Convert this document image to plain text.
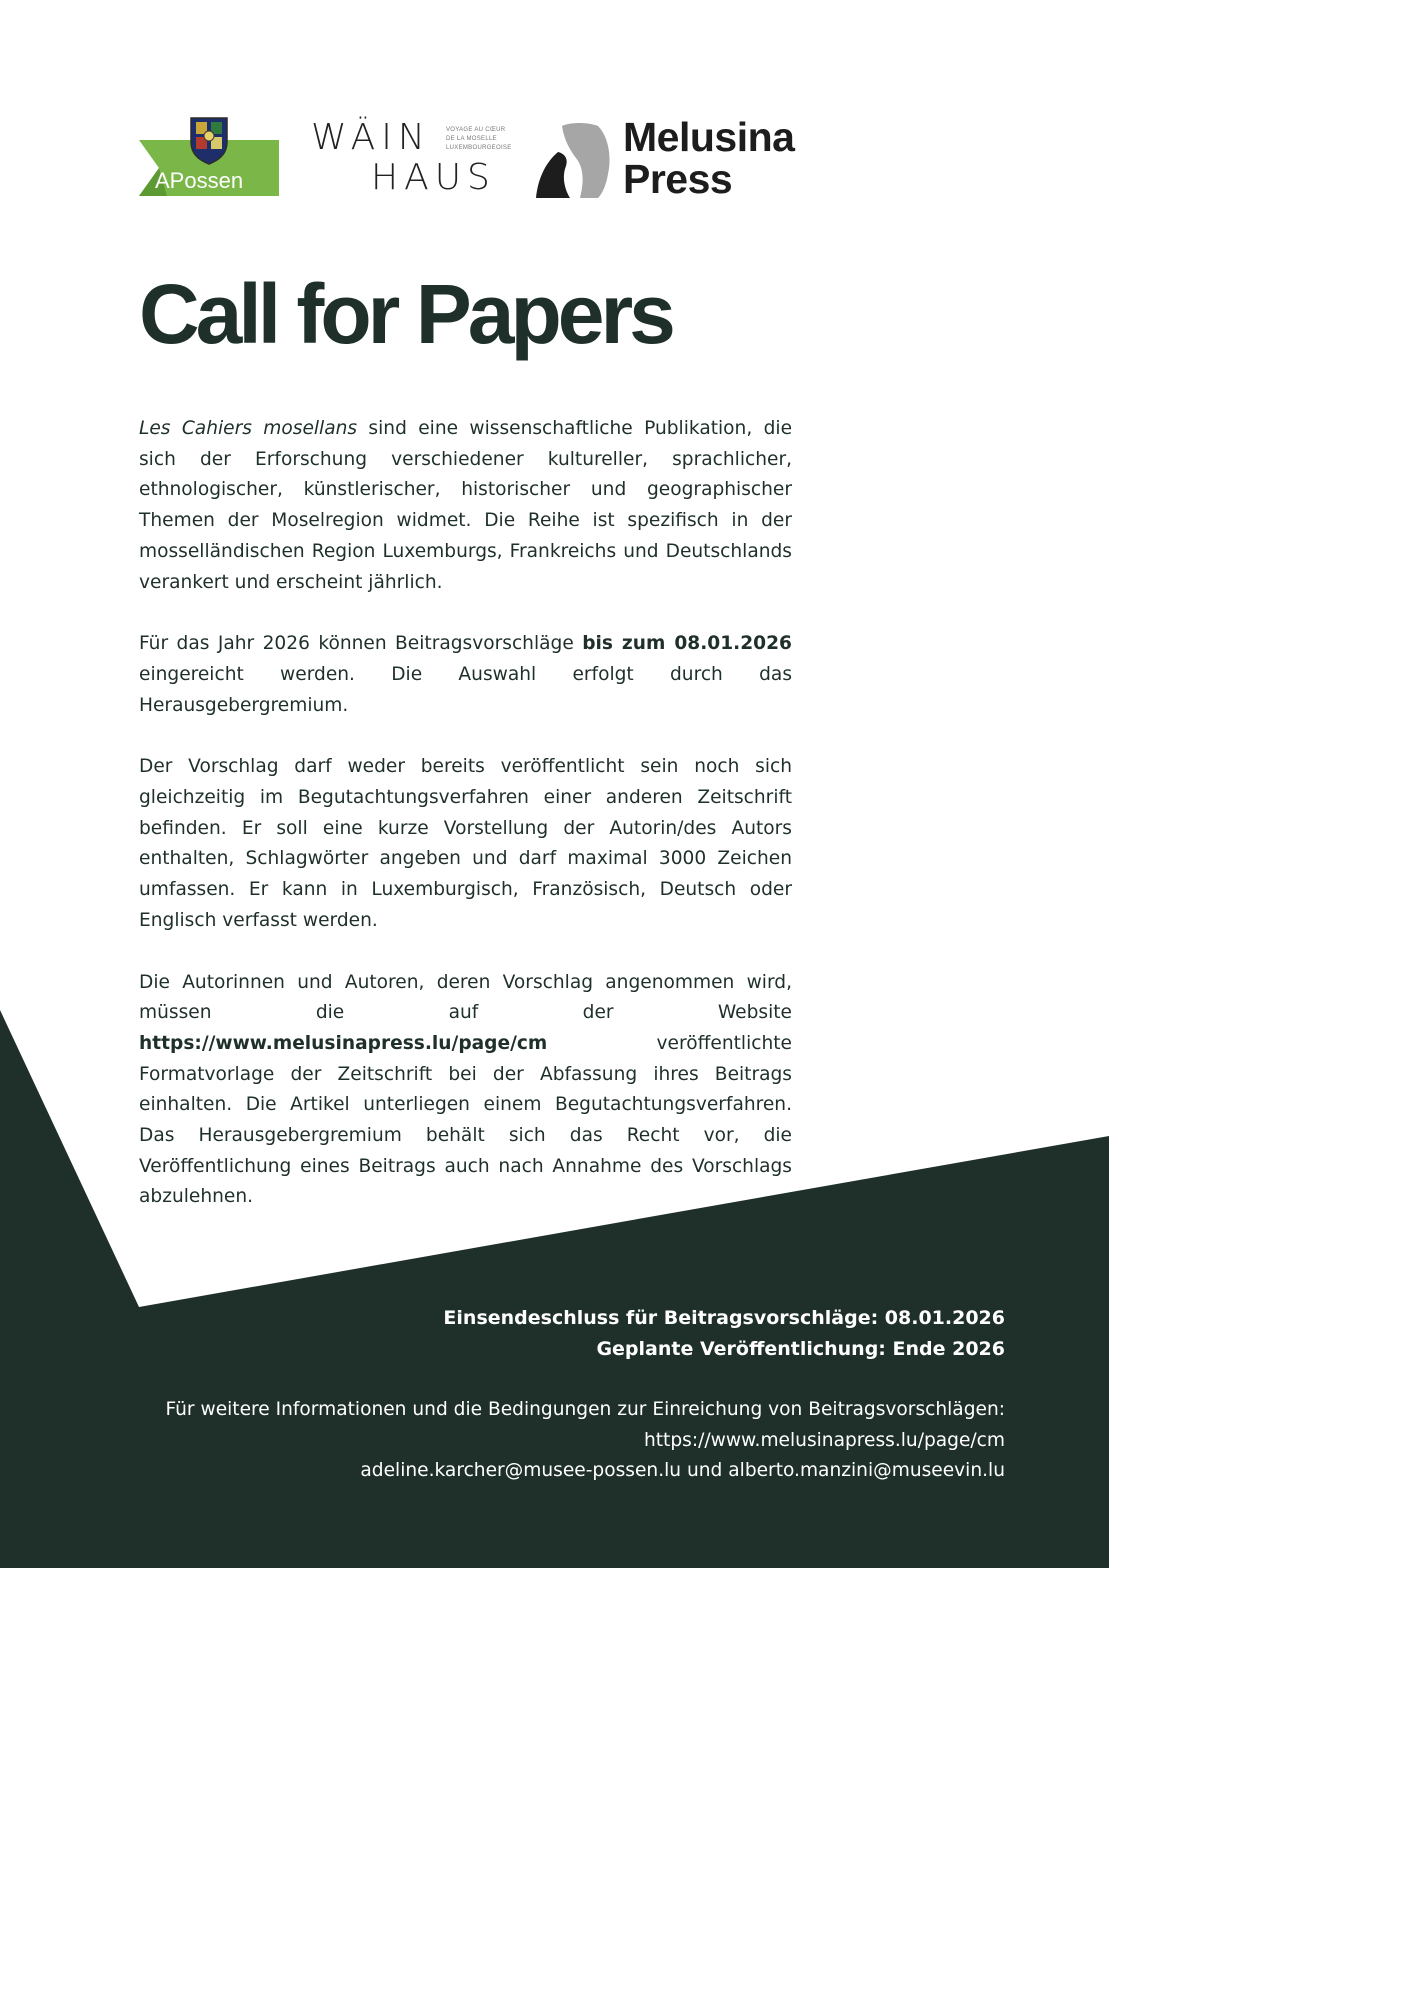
APossen
WÄIN
HAUS
VOYAGE AU CŒUR
DE LA MOSELLE
LUXEMBOURGEOISE	Melusina
Press
Call for Papers

Les Cahiers mosellans sind eine wissenschaftliche Publikation, die sich der Erforschung verschiedener kultureller, sprachlicher, ethnologischer, künstlerischer, historischer und geographischer Themen der Moselregion widmet. Die Reihe ist spezifisch in der mosselländischen Region Luxemburgs, Frankreichs und Deutschlands verankert und erscheint jährlich.

Für das Jahr 2026 können Beitragsvorschläge bis zum 08.01.2026 eingereicht werden. Die Auswahl erfolgt durch das Herausgebergremium.

Der Vorschlag darf weder bereits veröffentlicht sein noch sich gleichzeitig im Begutachtungsverfahren einer anderen Zeitschrift befinden. Er soll eine kurze Vorstellung der Autorin/des Autors enthalten, Schlagwörter angeben und darf maximal 3000 Zeichen umfassen. Er kann in Luxemburgisch, Französisch, Deutsch oder Englisch verfasst werden.

Die Autorinnen und Autoren, deren Vorschlag angenommen wird, müssen die auf der Website https://www.melusinapress.lu/page/cm veröffentlichte Formatvorlage der Zeitschrift bei der Abfassung ihres Beitrags einhalten. Die Artikel unterliegen einem Begutachtungsverfahren. Das Herausgebergremium behält sich das Recht vor, die Veröffentlichung eines Beitrags auch nach Annahme des Vorschlags abzulehnen.

Einsendeschluss für Beitragsvorschläge: 08.01.2026

Geplante Veröffentlichung: Ende 2026

Für weitere Informationen und die Bedingungen zur Einreichung von Beitragsvorschlägen:

https://www.melusinapress.lu/page/cm

adeline.karcher@musee-possen.lu und alberto.manzini@museevin.lu
